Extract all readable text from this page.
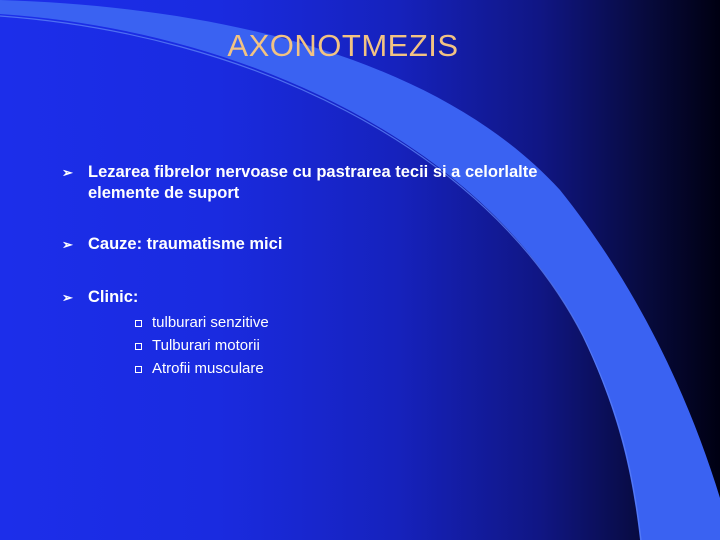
AXONOTMEZIS
➢ Lezarea fibrelor nervoase cu pastrarea tecii si a celorlalte elemente de suport
➢ Cauze: traumatisme mici
➢ Clinic:
tulburari senzitive
Tulburari motorii
Atrofii musculare
